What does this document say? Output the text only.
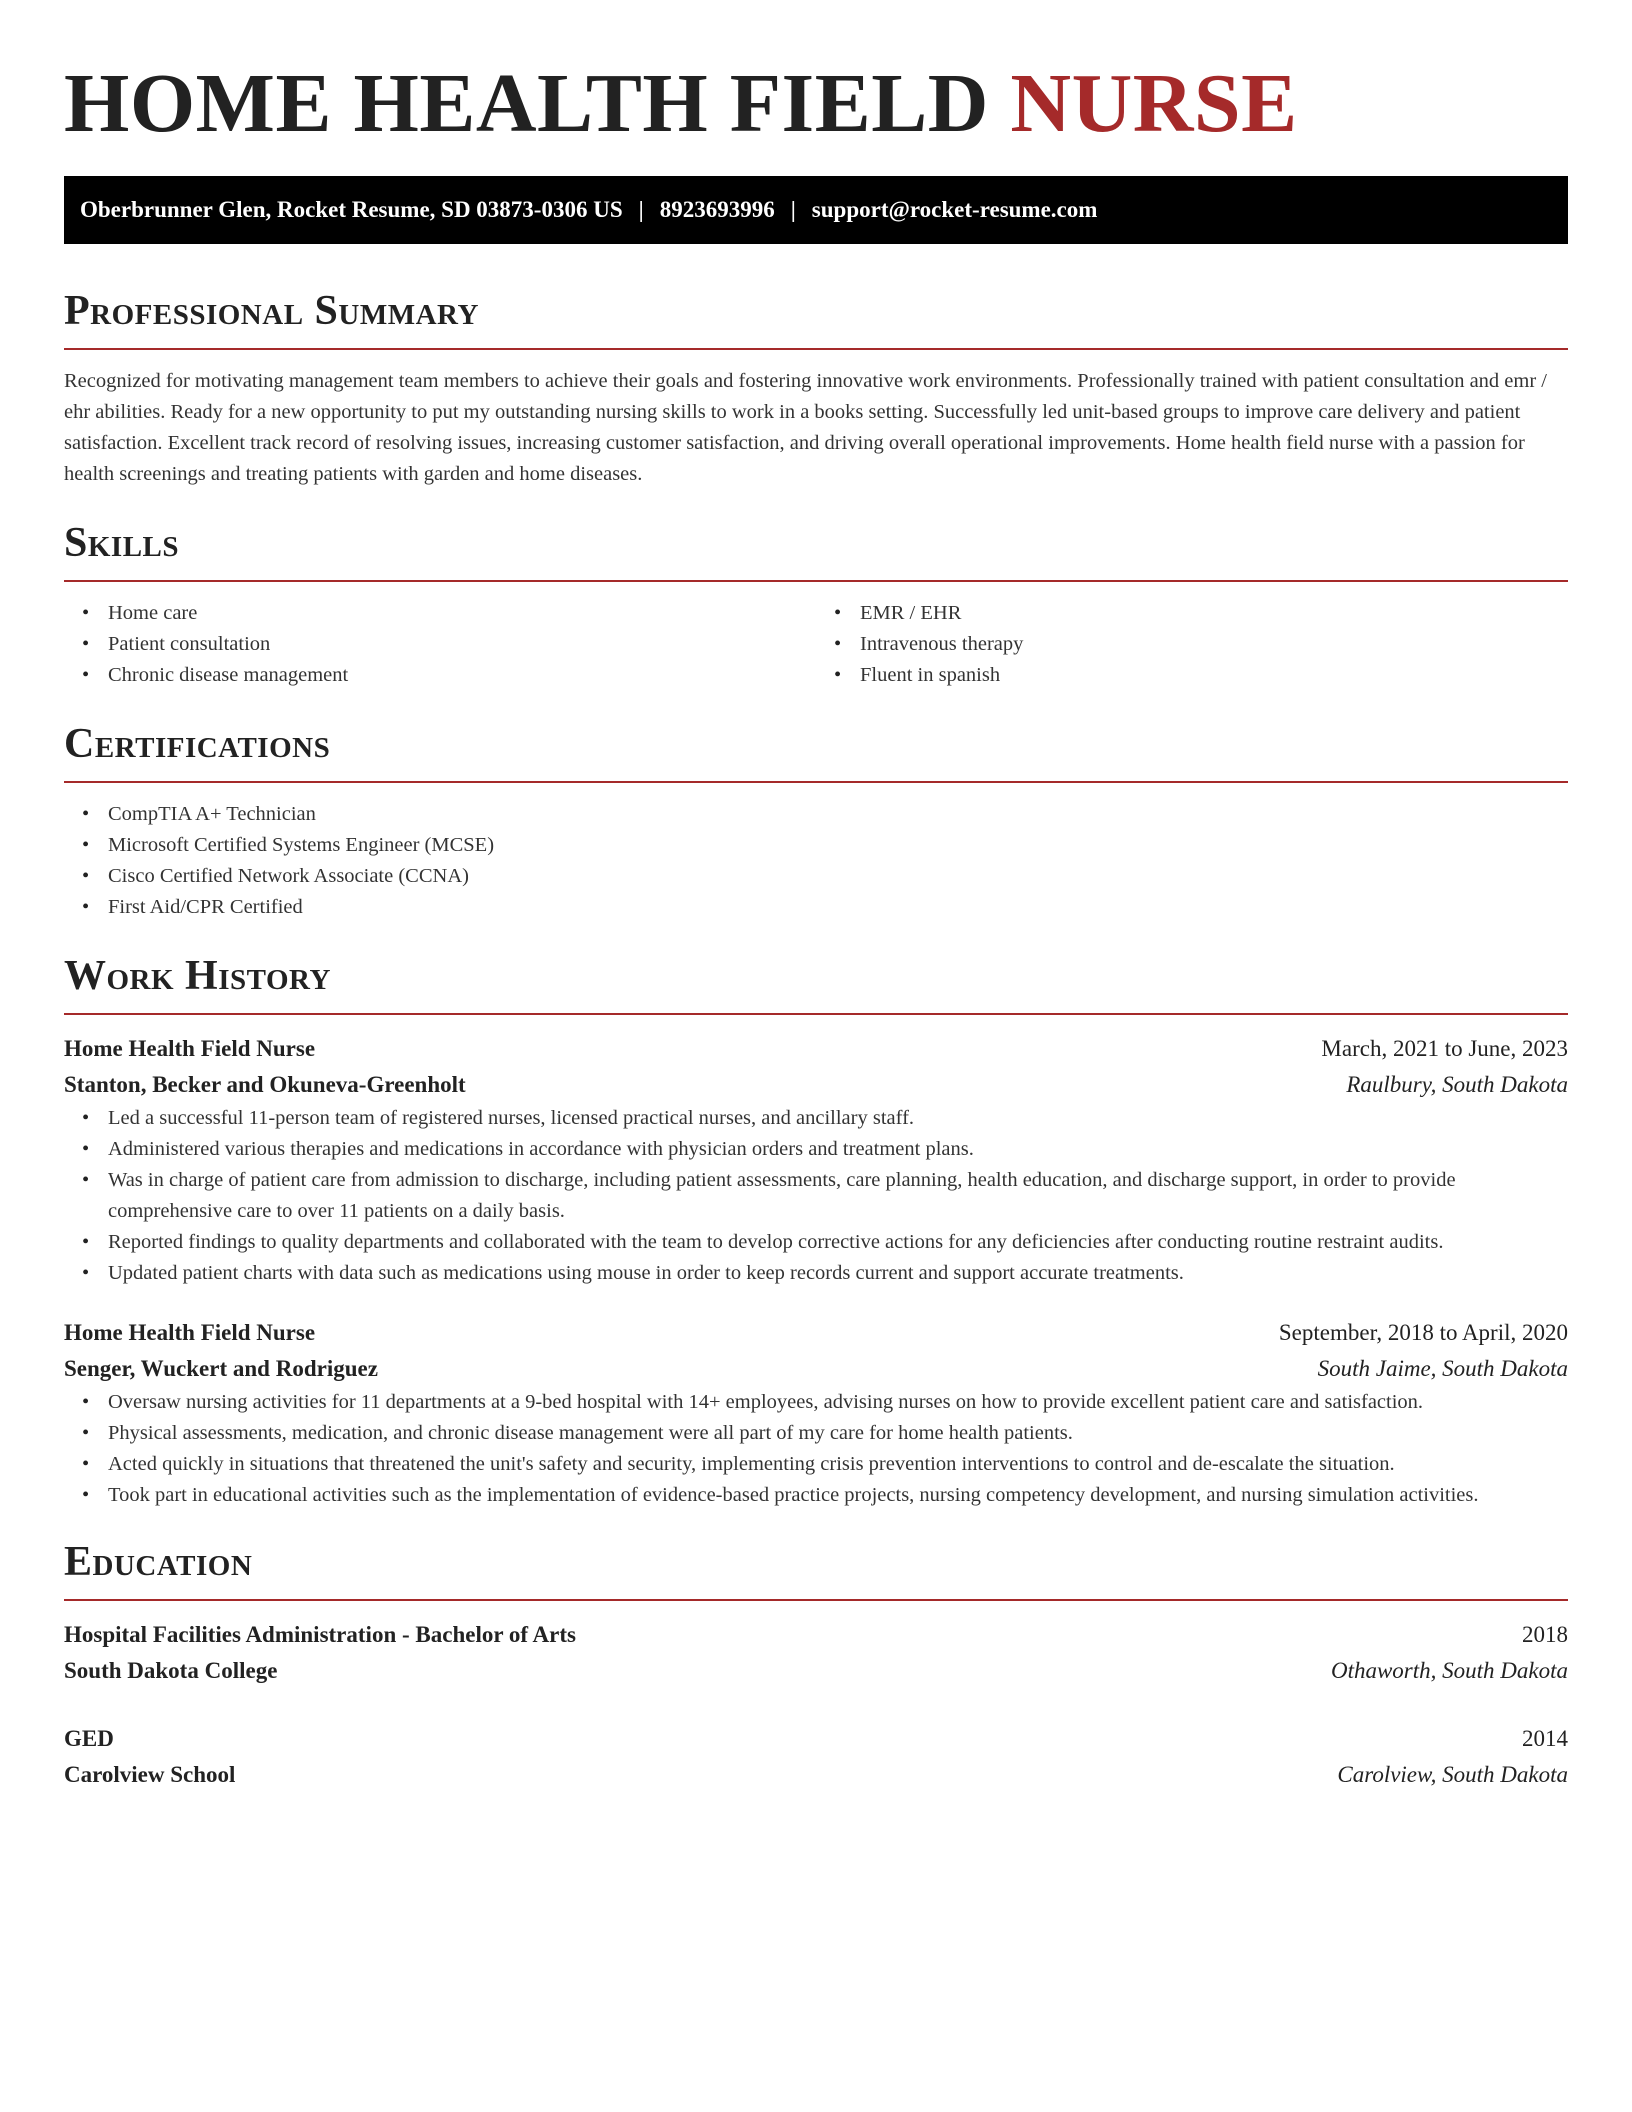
HOME HEALTH FIELD NURSE
Oberbrunner Glen, Rocket Resume, SD 03873-0306 US | 8923693996 | support@rocket-resume.com
Professional Summary

Recognized for motivating management team members to achieve their goals and fostering innovative work environments. Professionally trained with patient consultation and emr / ehr abilities. Ready for a new opportunity to put my outstanding nursing skills to work in a books setting. Successfully led unit-based groups to improve care delivery and patient satisfaction. Excellent track record of resolving issues, increasing customer satisfaction, and driving overall operational improvements. Home health field nurse with a passion for health screenings and treating patients with garden and home diseases.

Skills
• Home care
• Patient consultation
• Chronic disease management
• EMR / EHR
• Intravenous therapy
• Fluent in spanish
Certifications
• CompTIA A+ Technician
• Microsoft Certified Systems Engineer (MCSE)
• Cisco Certified Network Associate (CCNA)
• First Aid/CPR Certified
Work History
Home Health Field Nurse	March, 2021 to June, 2023
Stanton, Becker and Okuneva-Greenholt	Raulbury, South Dakota
• Led a successful 11-person team of registered nurses, licensed practical nurses, and ancillary staff.
• Administered various therapies and medications in accordance with physician orders and treatment plans.
• Was in charge of patient care from admission to discharge, including patient assessments, care planning, health education, and discharge support, in order to provide comprehensive care to over 11 patients on a daily basis.
• Reported findings to quality departments and collaborated with the team to develop corrective actions for any deficiencies after conducting routine restraint audits.
• Updated patient charts with data such as medications using mouse in order to keep records current and support accurate treatments.
Home Health Field Nurse	September, 2018 to April, 2020
Senger, Wuckert and Rodriguez	South Jaime, South Dakota
• Oversaw nursing activities for 11 departments at a 9-bed hospital with 14+ employees, advising nurses on how to provide excellent patient care and satisfaction.
• Physical assessments, medication, and chronic disease management were all part of my care for home health patients.
• Acted quickly in situations that threatened the unit's safety and security, implementing crisis prevention interventions to control and de-escalate the situation.
• Took part in educational activities such as the implementation of evidence-based practice projects, nursing competency development, and nursing simulation activities.
Education
Hospital Facilities Administration - Bachelor of Arts	2018
South Dakota College	Othaworth, South Dakota
GED	2014
Carolview School	Carolview, South Dakota
